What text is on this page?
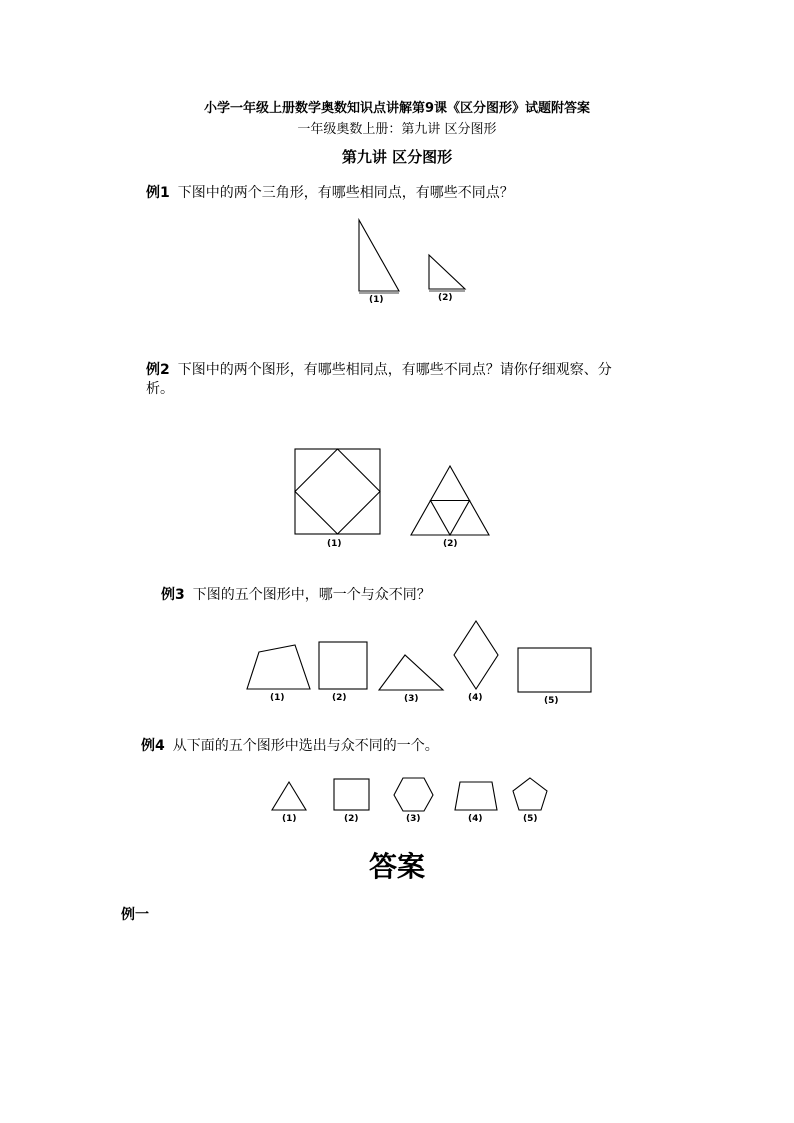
小学一年级上册数学奥数知识点讲解第9课《区分图形》试题附答案
一年级奥数上册：第九讲 区分图形
第九讲 区分图形
例1 下图中的两个三角形，有哪些相同点，有哪些不同点？
(1)	(2)
例2 下图中的两个图形，有哪些相同点，有哪些不同点？请你仔细观察、分
析。
(1)	(2)
例3 下图的五个图形中，哪一个与众不同？
(1)	(2)	(3)	(4)	(5)
例4 从下面的五个图形中选出与众不同的一个。
(1)	(2)	(3)	(4)	(5)
答案
例一
